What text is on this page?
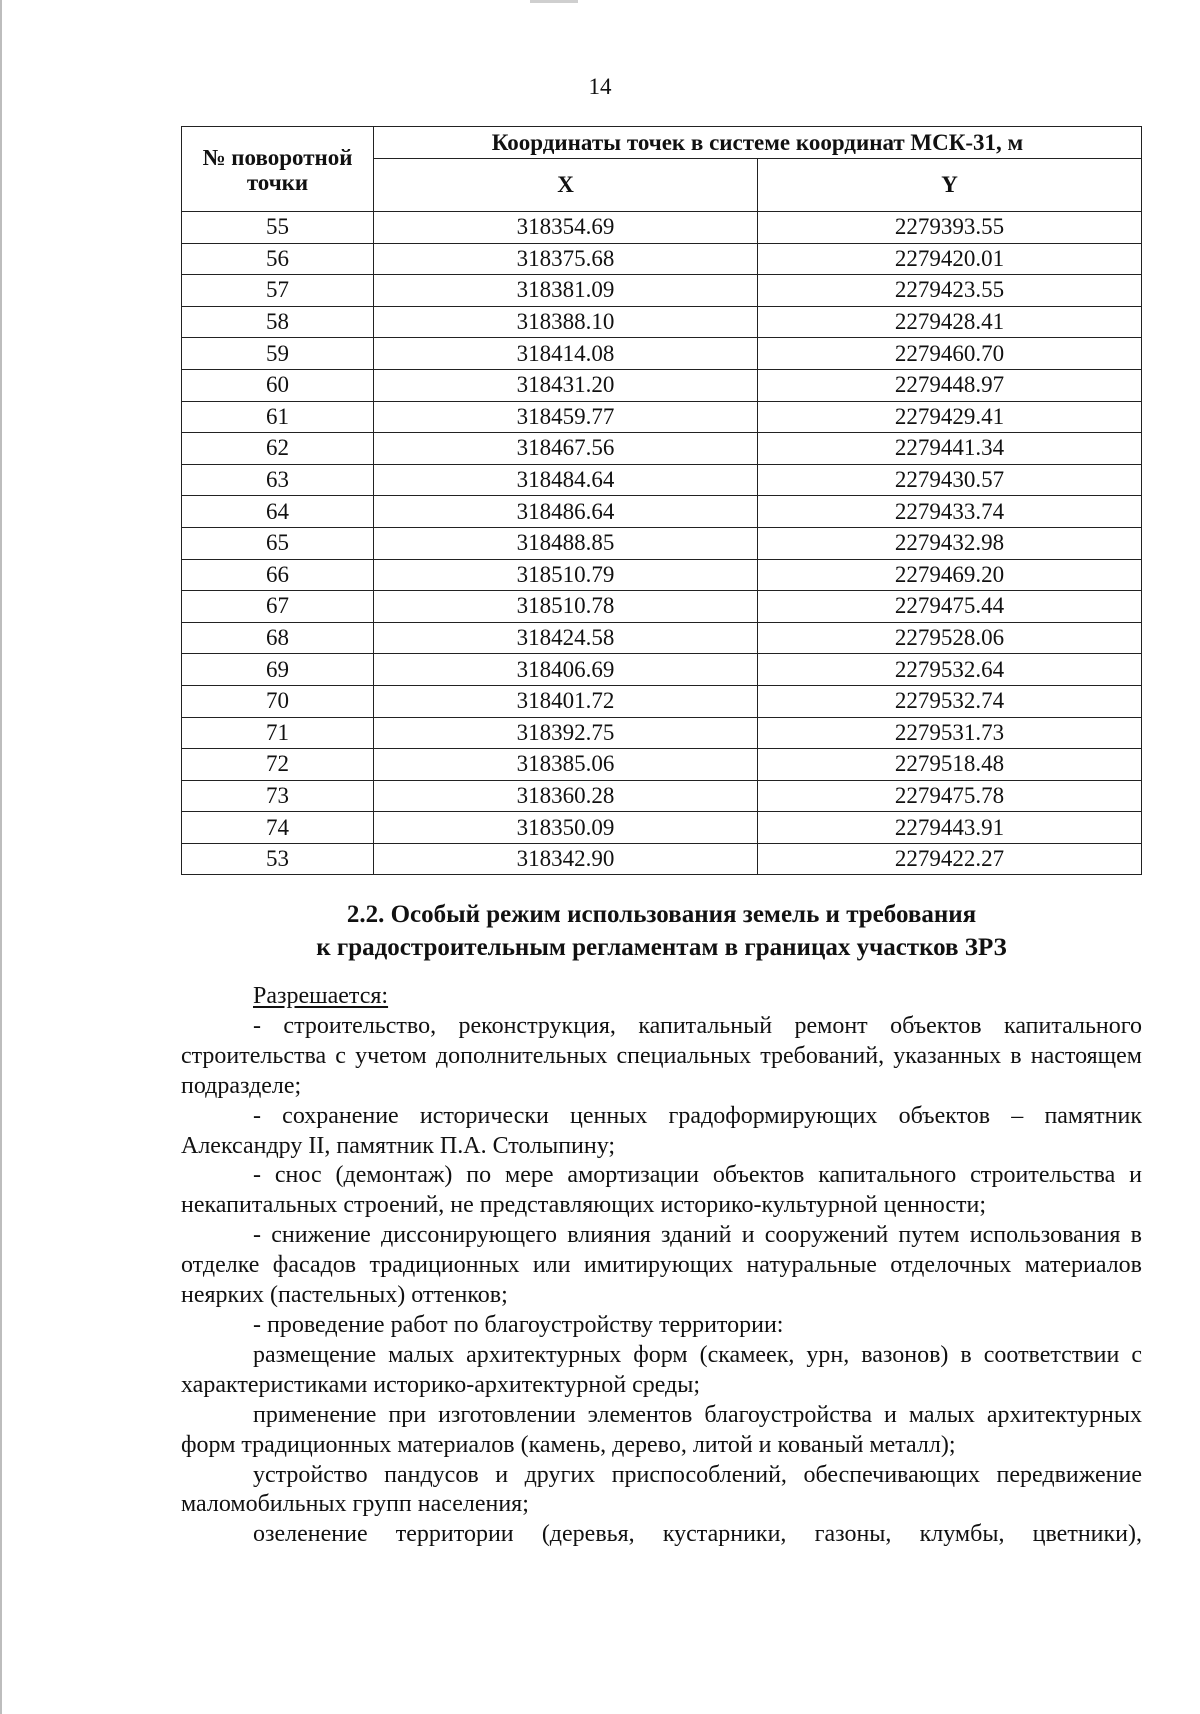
14
№ поворотной точки	Координаты точек в системе координат МСК-31, м	
	X	Y
55	318354.69	2279393.55
56	318375.68	2279420.01
57	318381.09	2279423.55
58	318388.10	2279428.41
59	318414.08	2279460.70
60	318431.20	2279448.97
61	318459.77	2279429.41
62	318467.56	2279441.34
63	318484.64	2279430.57
64	318486.64	2279433.74
65	318488.85	2279432.98
66	318510.79	2279469.20
67	318510.78	2279475.44
68	318424.58	2279528.06
69	318406.69	2279532.64
70	318401.72	2279532.74
71	318392.75	2279531.73
72	318385.06	2279518.48
73	318360.28	2279475.78
74	318350.09	2279443.91
53	318342.90	2279422.27
2.2. Особый режим использования земель и требования
к градостроительным регламентам в границах участков ЗРЗ

Разрешается:

- строительство, реконструкция, капитальный ремонт объектов капитального строительства с учетом дополнительных специальных требований, указанных в настоящем подразделе;

- сохранение исторически ценных градоформирующих объектов – памятник Александру II, памятник П.А. Столыпину;

- снос (демонтаж) по мере амортизации объектов капитального строительства и некапитальных строений, не представляющих историко-культурной ценности;

- снижение диссонирующего влияния зданий и сооружений путем использования в отделке фасадов традиционных или имитирующих натуральные отделочных материалов неярких (пастельных) оттенков;

- проведение работ по благоустройству территории:

размещение малых архитектурных форм (скамеек, урн, вазонов) в соответствии с характеристиками историко-архитектурной среды;

применение при изготовлении элементов благоустройства и малых архитектурных форм традиционных материалов (камень, дерево, литой и кованый металл);

устройство пандусов и других приспособлений, обеспечивающих передвижение маломобильных групп населения;

озеленение территории (деревья, кустарники, газоны, клумбы, цветники),
